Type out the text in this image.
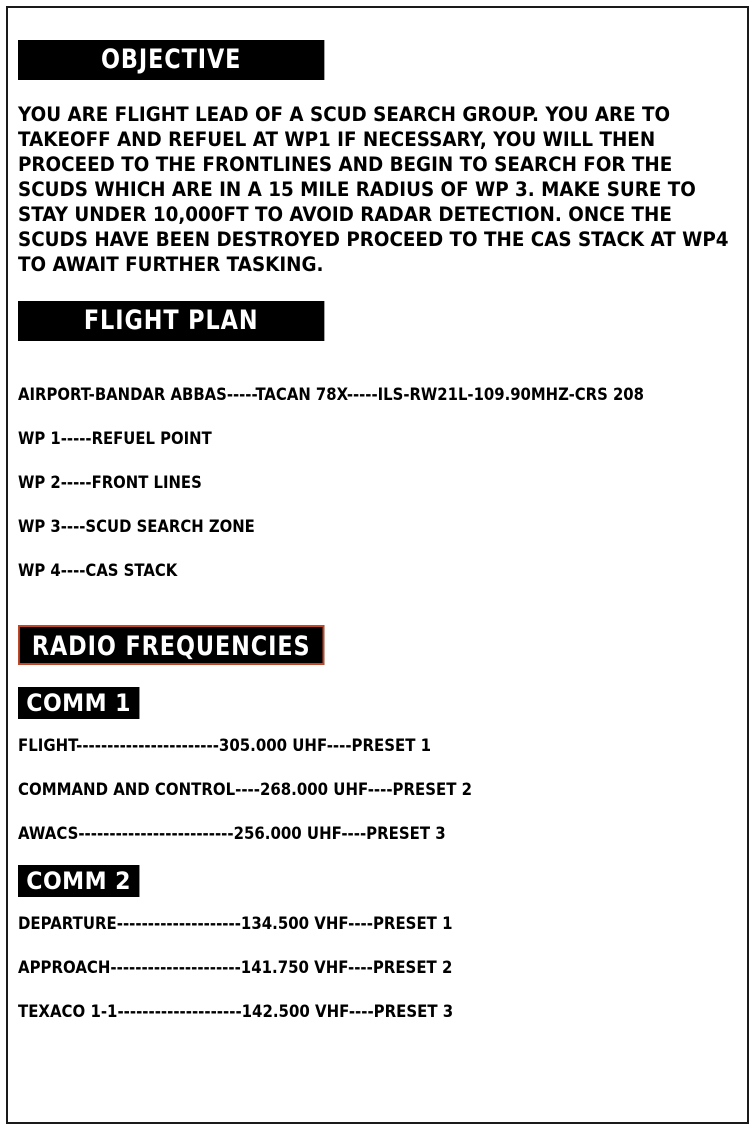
OBJECTIVE
YOU ARE FLIGHT LEAD OF A SCUD SEARCH GROUP. YOU ARE TO TAKEOFF AND REFUEL AT WP1 IF NECESSARY, YOU WILL THEN PROCEED TO THE FRONTLINES AND BEGIN TO SEARCH FOR THE SCUDS WHICH ARE IN A 15 MILE RADIUS OF WP 3. MAKE SURE TO STAY UNDER 10,000FT TO AVOID RADAR DETECTION. ONCE THE SCUDS HAVE BEEN DESTROYED PROCEED TO THE CAS STACK AT WP4 TO AWAIT FURTHER TASKING.
FLIGHT PLAN
AIRPORT-BANDAR ABBAS-----TACAN 78X-----ILS-RW21L-109.90MHZ-CRS 208
WP 1-----REFUEL POINT
WP 2-----FRONT LINES
WP 3----SCUD SEARCH ZONE
WP 4----CAS STACK
RADIO FREQUENCIES
COMM 1
FLIGHT-----------------------305.000 UHF----PRESET 1
COMMAND AND CONTROL----268.000 UHF----PRESET 2
AWACS-------------------------256.000 UHF----PRESET 3
COMM 2
DEPARTURE--------------------134.500 VHF----PRESET 1
APPROACH---------------------141.750 VHF----PRESET 2
TEXACO 1-1--------------------142.500 VHF----PRESET 3
